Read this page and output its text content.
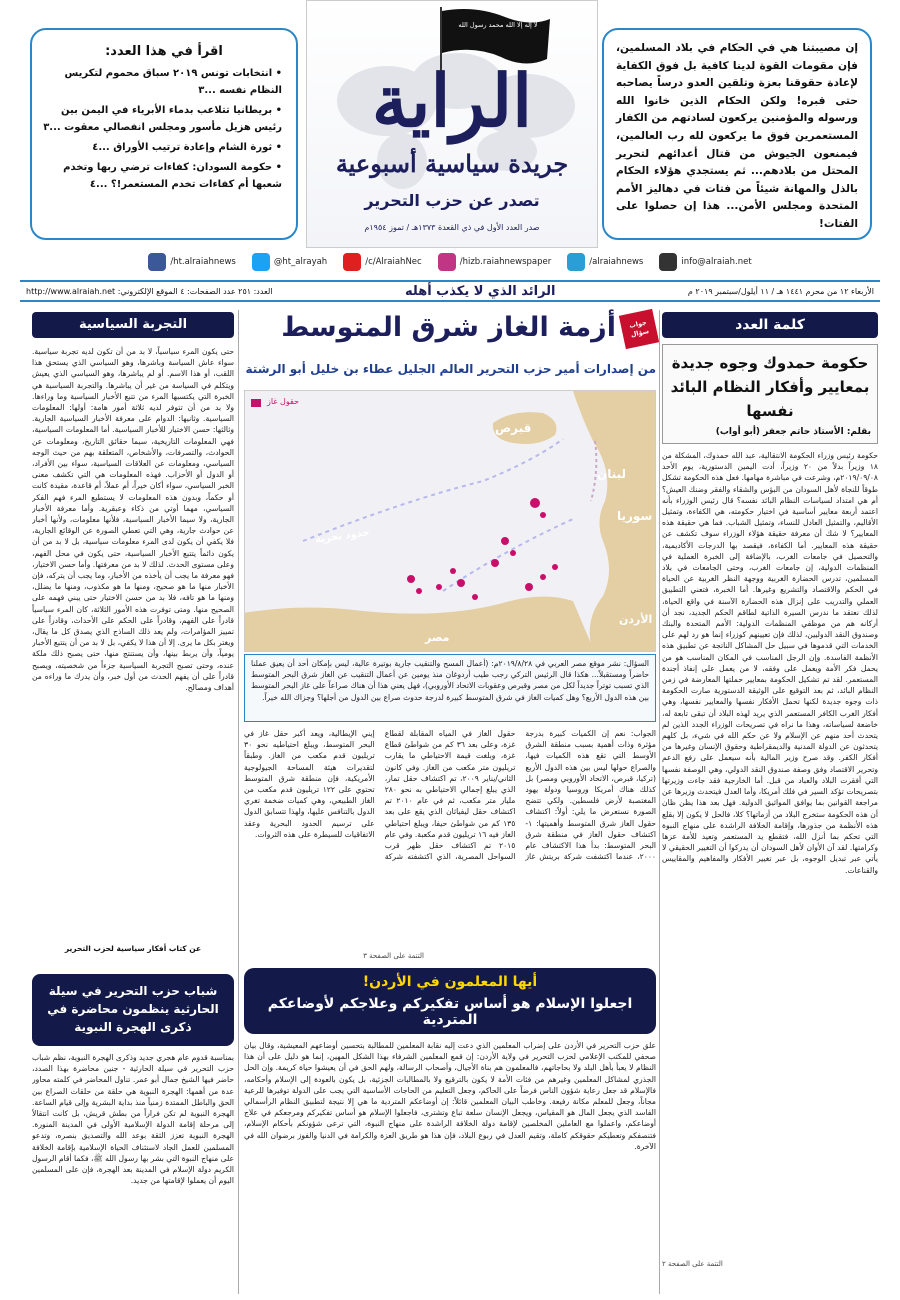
اقرأ في هذا العدد:
• انتخابات تونس ٢٠١٩ سباق محموم لتكريس النظام نفسه ...٣
• بريطانيا تتلاعب بدماء الأبرياء في اليمن بين رئيس هزيل مأسور ومجلس انفصالي معقوت ...٣
• ثورة الشام وإعادة ترتيب الأوراق ...٤
• حكومة السودان: كفاءات ترضي ربها وتخدم شعبها أم كفاءات تخدم المستعمر!؟ ...٤
لا إله إلا الله محمد رسول الله
الراية
جريدة سياسية أسبوعية
تصدر عن حزب التحرير
صدر العدد الأول في ذي القعدة ١٣٧٣هـ / تموز ١٩٥٤م
إن مصيبتنا هي في الحكام في بلاد المسلمين، فإن مقومات القوة لدينا كافية بل فوق الكفاية لإعادة حقوقنا بعزة وتلقين العدو درساً يصاحبه حتى قبره! ولكن الحكام الذين خانوا الله ورسوله والمؤمنين يركعون لسادتهم من الكفار المستعمرين فوق ما يركعون لله رب العالمين، فيمنعون الجيوش من قتال أعدائهم لتحرير المحتل من بلادهم... ثم يستجدي هؤلاء الحكام بالذل والمهانة شيئاً من فتات في دهاليز الأمم المتحدة ومجلس الأمن... هذا إن حصلوا على الفتات!
info@alraiah.net
/alraiahnews
/hizb.raiahnewspaper
/c/AlraiahNec
@ht_alrayah
/ht.alraiahnews
الأربعاء ١٢ من محرم ١٤٤١ هـ / ١١ أيلول/سبتمبر ٢٠١٩ م
الرائد الذي لا يكذب أهله
العدد: ٢٥١ عدد الصفحات: ٤ الموقع الإلكتروني: http://www.alraiah.net
كلمة العدد
حكومة حمدوك وجوه جديدة بمعايير وأفكار النظام البائد نفسها
بقلم: الأستاذ حاتم جعفر (أبو أواب)
حكومة رئيس وزراء الحكومة الانتقالية، عبد الله حمدوك، المشكلة من ١٨ وزيراً بدلاً من ٢٠ وزيراً، أدت اليمين الدستورية، يوم الأحد ٢٠١٩/٠٩/٠٨م، وشرعت في مباشرة مهامها. فعل هذه الحكومة تشكل طوقاً للنجاة لأهل السودان من البؤس والشقاء والفقر وضنك العيش؟ أم هي امتداد لسياسات النظام البائد نفسه؟ قال رئيس الوزراء بأنه اعتمد أربعة معايير أساسية في اختيار حكومته، هي الكفاءة، وتمثيل الأقاليم، والتمثيل العادل للنساء، وتمثيل الشباب. فما هي حقيقة هذه المعايير؟ لا شك أن معرفة حقيقة هؤلاء الوزراء سوف تكشف عن حقيقة هذه المعايير. أما الكفاءة، فيقصد بها الدرجات الأكاديمية، والتحصيل في جامعات الغرب، بالإضافة إلى الخبرة العملية في المنظمات الدولية، إن جامعات الغرب، وحتى الجامعات في بلاد المسلمين، تدرس الحضارة الغربية ووجهة النظر الغربية عن الحياة في الحكم والاقتصاد والتشريع وغيرها. أما الخبرة، فتعني التطبيق العملي والتدريب على إنزال هذه الحضارة الآسنة في واقع الحياة، لذلك نعتقد ما ندرس السيرة الذاتية لطاقم الحكم الجديد، نجد أن أركانه هم من موظفي المنظمات الدولية: الأمم المتحدة والبنك وصندوق النقد الدوليين، لذلك فإن تعيينهم كوزراء إنما هو رد لهم على الخدمات التي قدموها في سبيل حل المشاكل الناتجة عن تطبيق هذه الأنظمة الفاسدة. وإن الرجل المناسب في المكان المناسب هو من يحمل فكر الأمة ويعمل على وفقه، لا من يعمل على إنفاذ أجندة المستعمر. لقد تم تشكيل الحكومة بمعايير حملتها المعارضة في زمن النظام البائد، ثم بعد التوقيع على الوثيقة الدستورية صارت الحكومة ذات وجوه جديدة لكنها تحمل الأفكار نفسها والمعايير نفسها، وهي أفكار الغرب الكافر المستعمر الذي يريد لهذه البلاد أن تبقى تابعة له، خاضعة لسياساته، وهذا ما نراه في تصريحات الوزراء الجدد الذين لم يتحدث أحد منهم عن الإسلام ولا عن حكم الله في شيء، بل كلهم يتحدثون عن الدولة المدنية والديمقراطية وحقوق الإنسان وغيرها من أفكار الكفر. وقد صرح وزير المالية بأنه سيعمل على رفع الدعم وتحرير الاقتصاد وفق وصفة صندوق النقد الدولي، وهي الوصفة نفسها التي أفقرت البلاد والعباد من قبل. أما الخارجية فقد جاءت وزيرتها بتصريحات تؤكد السير في فلك أمريكا، وأما العدل فيتحدث وزيرها عن مراجعة القوانين بما يوافق المواثيق الدولية. فهل بعد هذا يظن ظان أن هذه الحكومة ستخرج البلاد من أزماتها؟ كلا، فالحل لا يكون إلا بقلع هذه الأنظمة من جذورها، وإقامة الخلافة الراشدة على منهاج النبوة التي تحكم بما أنزل الله، فتقطع يد المستعمر وتعيد للأمة عزها وكرامتها. لقد آن الأوان لأهل السودان أن يدركوا أن التغيير الحقيقي لا يأتي عبر تبديل الوجوه، بل عبر تغيير الأفكار والمفاهيم والمقاييس والقناعات.
التتمة على الصفحة ٢
جواب سؤال
أزمة الغاز شرق المتوسط
من إصدارات أمير حزب التحرير العالم الجليل عطاء بن خليل أبو الرشتة
حقول غاز
قبرص
لبنان
سوريا
حدود بحرية
الأردن
مصر
السؤال: نشر موقع مصر العربي في ٢٠١٩/٨/٢٨م: (أعمال المسح والتنقيب جارية بوتيرة عالية، ليس بإمكان أحد أن يعيق عملنا حاضراً ومستقبلاً... هكذا قال الرئيس التركي رجب طيب أردوغان منذ يومين عن أعمال التنقيب عن الغاز شرق البحر المتوسط الذي تسبب توتراً جديداً لكل من مصر وقبرص وعقوبات الاتحاد الأوروبي)، فهل يعني هذا أن هناك صراعاً على غاز البحر المتوسط بين هذه الدول الأربع؟ وهل كميات الغاز في شرق المتوسط كبيرة لدرجة حدوث صراع بين الدول من أجلها؟ وجزاك الله خيراً.
الجواب: نعم إن الكميات كبيرة بدرجة مؤثرة وذات أهمية بسبب منطقة الشرق الأوسط التي تقع هذه الكميات فيها، والصراع حولها ليس بين هذه الدول الأربع (تركيا، قبرص، الاتحاد الأوروبي ومصر) بل كذلك هناك أمريكا وروسيا ودولة يهود المغتصبة لأرض فلسطين. ولكي تتضح الصورة نستعرض ما يلي: أولاً: اكتشاف حقول الغاز شرق المتوسط وأهميتها: ١- اكتشاف حقول الغاز في منطقة شرق البحر المتوسط: بدأ هذا الاكتشاف عام ٢٠٠٠، عندما اكتشفت شركة بريتش غاز حقول الغاز في المياه المقابلة لقطاع غزة، وعلى بعد ٣٦ كم من شواطئ قطاع غزة، وبلغت قيمة الاحتياطي ما يقارب تريليون متر مكعب من الغاز. وفي كانون الثاني/يناير ٢٠٠٩، تم اكتشاف حقل تمار، الذي يبلغ إجمالي الاحتياطي به نحو ٢٨٠ مليار متر مكعب، ثم في عام ٢٠١٠ تم اكتشاف حقل ليفياثان الذي يقع على بعد ١٣٥ كم من شواطئ حيفا، ويبلغ احتياطي الغاز فيه ١٦ تريليون قدم مكعبة. وفي عام ٢٠١٥ تم اكتشاف حقل ظهر قرب السواحل المصرية، الذي اكتشفته شركة إيني الإيطالية، ويعد أكبر حقل غاز في البحر المتوسط، ويبلغ احتياطيه نحو ٣٠ تريليون قدم مكعب من الغاز. وطبقاً لتقديرات هيئة المساحة الجيولوجية الأمريكية، فإن منطقة شرق المتوسط تحتوي على ١٢٢ تريليون قدم مكعب من الغاز الطبيعي، وهي كميات ضخمة تغري الدول بالتنافس عليها، ولهذا تتسابق الدول على ترسيم الحدود البحرية وعقد الاتفاقيات للسيطرة على هذه الثروات.
التتمة على الصفحة ٣
أيها المعلمون في الأردن!
اجعلوا الإسلام هو أساس تفكيركم وعلاجكم لأوضاعكم المتردية
علق حزب التحرير في الأردن على إضراب المعلمين الذي دعت إليه نقابة المعلمين للمطالبة بتحسين أوضاعهم المعيشية، وقال بيان صحفي للمكتب الإعلامي لحزب التحرير في ولاية الأردن: إن قمع المعلمين الشرفاء بهذا الشكل المهين، إنما هو دليل على أن هذا النظام لا يعبأ بأهل البلد ولا بحاجاتهم، فالمعلمون هم بناة الأجيال، وأصحاب الرسالة، ولهم الحق في أن يعيشوا حياة كريمة. وإن الحل الجذري لمشاكل المعلمين وغيرهم من فئات الأمة لا يكون بالترقيع ولا بالمطالبات الجزئية، بل يكون بالعودة إلى الإسلام وأحكامه، فالإسلام قد جعل رعاية شؤون الناس فرضاً على الحاكم، وجعل التعليم من الحاجات الأساسية التي يجب على الدولة توفيرها للرعية مجاناً، وجعل للمعلم مكانة رفيعة. وخاطب البيان المعلمين قائلاً: إن أوضاعكم المتردية ما هي إلا نتيجة لتطبيق النظام الرأسمالي الفاسد الذي يجعل المال هو المقياس، ويجعل الإنسان سلعة تباع وتشترى، فاجعلوا الإسلام هو أساس تفكيركم ومرجعكم في علاج أوضاعكم، واعملوا مع العاملين المخلصين لإقامة دولة الخلافة الراشدة على منهاج النبوة، التي ترعى شؤونكم بأحكام الإسلام، فتنصفكم وتعطيكم حقوقكم كاملة، وتقيم العدل في ربوع البلاد، فإن هذا هو طريق العزة والكرامة في الدنيا والفوز برضوان الله في الآخرة.
التجربة السياسية
حتى يكون المرء سياسياً، لا بد من أن تكون لديه تجربة سياسية. سواء عاش السياسة وباشرها، وهو السياسي الذي يستحق هذا اللقب، أو هذا الاسم. أو لم يباشرها، وهو السياسي الذي يعيش ويتكلم في السياسة من غير أن يباشرها. والتجربة السياسية هي الخبرة التي يكتسبها المرء من تتبع الأخبار السياسية وما وراءها. ولا بد من أن تتوفر لديه ثلاثة أمور هامة: أولها: المعلومات السياسية. وثانيها: الدوام على معرفة الأخبار السياسية الجارية. وثالثها: حسن الاختيار للأخبار السياسية. أما المعلومات السياسية، فهي المعلومات التاريخية، سيما حقائق التاريخ، ومعلومات عن الحوادث، والتصرفات، والأشخاص، المتعلقة بهم من حيث الوجه السياسي، ومعلومات عن العلاقات السياسية، سواء بين الأفراد، أو الدول أو الأحزاب. فهذه المعلومات هي التي تكشف معنى الخبر السياسي، سواء أكان خيراً، أم عملاً، أم قاعدة، مقيدة كانت أو حكماً، وبدون هذه المعلومات لا يستطيع المرء فهم الفكر السياسي، مهما أوتي من ذكاء وعبقرية. وأما معرفة الأخبار الجارية، ولا سيما الأخبار السياسية، فلأنها معلومات، ولأنها أخبار عن حوادث جارية، وهي التي تعطي الصورة عن الوقائع الجارية، فلا يكفي أن يكون لدى المرء معلومات سياسية، بل لا بد من أن يكون دائماً يتتبع الأخبار السياسية، حتى يكون في محل الفهم، وعلى مستوى الحدث. لذلك لا بد من معرفتها. وأما حسن الاختيار، فهو معرفة ما يجب أن يأخذه من الأخبار، وما يجب أن يتركه، فإن الأخبار منها ما هو صحيح، ومنها ما هو مكذوب، ومنها ما يضلل، ومنها ما هو تافه، فلا بد من حسن الاختيار حتى يبني فهمه على الصحيح منها. ومتى توفرت هذه الأمور الثلاثة، كان المرء سياسياً قادراً على الفهم، وقادراً على الحكم على الأحداث، وقادراً على تمييز المؤامرات، ولم يعد ذلك الساذج الذي يصدق كل ما يقال، ويغتر بكل ما يرى. إلا أن هذا لا يكفي، بل لا بد من أن يتتبع الأخبار يومياً، وأن يربط بينها، وأن يستنتج منها، حتى يصبح ذلك ملكة عنده، وحتى تصبح التجربة السياسية جزءاً من شخصيته، ويصبح قادراً على أن يفهم الحدث من أول خبر، وأن يدرك ما وراءه من أهداف ومصالح.
عن كتاب أفكار سياسية لحزب التحرير
شباب حزب التحرير في سيلة الحارثية ينظمون محاضرة في ذكرى الهجرة النبوية
بمناسبة قدوم عام هجري جديد وذكرى الهجرة النبوية، نظم شباب حزب التحرير في سيلة الحارثية - جنين محاضرة بهذا الصدد، حاضر فيها الشيخ جمال أبو عمر. تناول المحاضر في كلمته محاور عدة من أهمها: الهجرة النبوية هي حلقة من حلقات الصراع بين الحق والباطل الممتدة زمنياً منذ بداية البشرية وإلى قيام الساعة. الهجرة النبوية لم تكن فراراً من بطش قريش، بل كانت انتقالاً إلى مرحلة إقامة الدولة الإسلامية الأولى في المدينة المنورة. الهجرة النبوية تعزز الثقة بوعد الله والتصديق بنصره، وتدعو المسلمين للعمل الجاد لاستئناف الحياة الإسلامية بإقامة الخلافة على منهاج النبوة التي بشر بها رسول الله ﷺ، فكما أقام الرسول الكريم دولة الإسلام في المدينة بعد الهجرة، فإن على المسلمين اليوم أن يعملوا لإقامتها من جديد.
